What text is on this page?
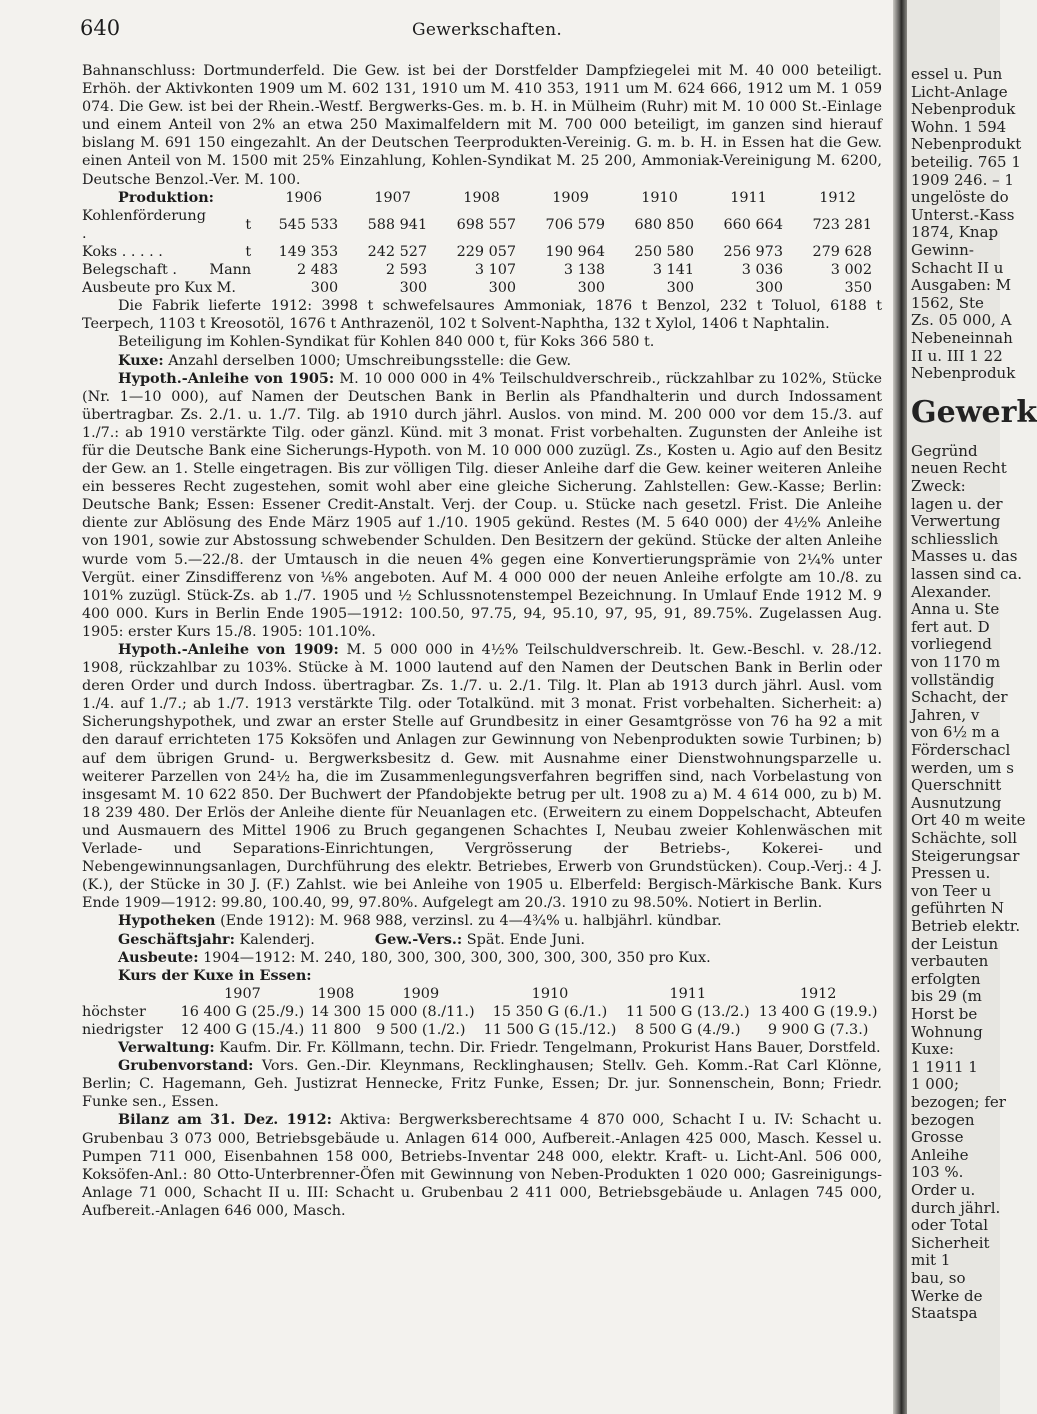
640	Gewerkschaften.

Bahnanschluss: Dortmunderfeld. Die Gew. ist bei der Dorstfelder Dampfziegelei mit M. 40 000 beteiligt. Erhöh. der Aktivkonten 1909 um M. 602 131, 1910 um M. 410 353, 1911 um M. 624 666, 1912 um M. 1 059 074. Die Gew. ist bei der Rhein.-Westf. Bergwerks-Ges. m. b. H. in Mülheim (Ruhr) mit M. 10 000 St.-Einlage und einem Anteil von 2% an etwa 250 Maximalfeldern mit M. 700 000 beteiligt, im ganzen sind hierauf bislang M. 691 150 eingezahlt. An der Deutschen Teerprodukten-Vereinig. G. m. b. H. in Essen hat die Gew. einen Anteil von M. 1500 mit 25% Einzahlung, Kohlen-Syndikat M. 25 200, Ammoniak-Vereinigung M. 6200, Deutsche Benzol.-Ver. M. 100.

Produktion:		1906	1907	1908	1909	1910	1911	1912
Kohlenförderung .	t	545 533	588 941	698 557	706 579	680 850	660 664	723 281
Koks . . . . .	t	149 353	242 527	229 057	190 964	250 580	256 973	279 628
Belegschaft .	Mann	2 483	2 593	3 107	3 138	3 141	3 036	3 002
Ausbeute pro Kux M.		300	300	300	300	300	300	350

Die Fabrik lieferte 1912: 3998 t schwefelsaures Ammoniak, 1876 t Benzol, 232 t Toluol, 6188 t Teerpech, 1103 t Kreosotöl, 1676 t Anthrazenöl, 102 t Solvent-Naphtha, 132 t Xylol, 1406 t Naphtalin.

Beteiligung im Kohlen-Syndikat für Kohlen 840 000 t, für Koks 366 580 t.

Kuxe: Anzahl derselben 1000; Umschreibungsstelle: die Gew.

Hypoth.-Anleihe von 1905: M. 10 000 000 in 4% Teilschuldverschreib., rückzahlbar zu 102%, Stücke (Nr. 1—10 000), auf Namen der Deutschen Bank in Berlin als Pfandhalterin und durch Indossament übertragbar. Zs. 2./1. u. 1./7. Tilg. ab 1910 durch jährl. Auslos. von mind. M. 200 000 vor dem 15./3. auf 1./7.: ab 1910 verstärkte Tilg. oder gänzl. Künd. mit 3 monat. Frist vorbehalten. Zugunsten der Anleihe ist für die Deutsche Bank eine Sicherungs-Hypoth. von M. 10 000 000 zuzügl. Zs., Kosten u. Agio auf den Besitz der Gew. an 1. Stelle eingetragen. Bis zur völligen Tilg. dieser Anleihe darf die Gew. keiner weiteren Anleihe ein besseres Recht zugestehen, somit wohl aber eine gleiche Sicherung. Zahlstellen: Gew.-Kasse; Berlin: Deutsche Bank; Essen: Essener Credit-Anstalt. Verj. der Coup. u. Stücke nach gesetzl. Frist. Die Anleihe diente zur Ablösung des Ende März 1905 auf 1./10. 1905 gekünd. Restes (M. 5 640 000) der 4½% Anleihe von 1901, sowie zur Abstossung schwebender Schulden. Den Besitzern der gekünd. Stücke der alten Anleihe wurde vom 5.—22./8. der Umtausch in die neuen 4% gegen eine Konvertierungsprämie von 2¼% unter Vergüt. einer Zinsdifferenz von ⅛% angeboten. Auf M. 4 000 000 der neuen Anleihe erfolgte am 10./8. zu 101% zuzügl. Stück-Zs. ab 1./7. 1905 und ½ Schlussnotenstempel Bezeichnung. In Umlauf Ende 1912 M. 9 400 000. Kurs in Berlin Ende 1905—1912: 100.50, 97.75, 94, 95.10, 97, 95, 91, 89.75%. Zugelassen Aug. 1905: erster Kurs 15./8. 1905: 101.10%.

Hypoth.-Anleihe von 1909: M. 5 000 000 in 4½% Teilschuldverschreib. lt. Gew.-Beschl. v. 28./12. 1908, rückzahlbar zu 103%. Stücke à M. 1000 lautend auf den Namen der Deutschen Bank in Berlin oder deren Order und durch Indoss. übertragbar. Zs. 1./7. u. 2./1. Tilg. lt. Plan ab 1913 durch jährl. Ausl. vom 1./4. auf 1./7.; ab 1./7. 1913 verstärkte Tilg. oder Totalkünd. mit 3 monat. Frist vorbehalten. Sicherheit: a) Sicherungshypothek, und zwar an erster Stelle auf Grundbesitz in einer Gesamtgrösse von 76 ha 92 a mit den darauf errichteten 175 Koksöfen und Anlagen zur Gewinnung von Nebenprodukten sowie Turbinen; b) auf dem übrigen Grund- u. Bergwerksbesitz d. Gew. mit Ausnahme einer Dienstwohnungsparzelle u. weiterer Parzellen von 24½ ha, die im Zusammenlegungsverfahren begriffen sind, nach Vorbelastung von insgesamt M. 10 622 850. Der Buchwert der Pfandobjekte betrug per ult. 1908 zu a) M. 4 614 000, zu b) M. 18 239 480. Der Erlös der Anleihe diente für Neuanlagen etc. (Erweitern zu einem Doppelschacht, Abteufen und Ausmauern des Mittel 1906 zu Bruch gegangenen Schachtes I, Neubau zweier Kohlenwäschen mit Verlade- und Separations-Einrichtungen, Vergrösserung der Betriebs-, Kokerei- und Nebengewinnungsanlagen, Durchführung des elektr. Betriebes, Erwerb von Grundstücken). Coup.-Verj.: 4 J. (K.), der Stücke in 30 J. (F.) Zahlst. wie bei Anleihe von 1905 u. Elberfeld: Bergisch-Märkische Bank. Kurs Ende 1909—1912: 99.80, 100.40, 99, 97.80%. Aufgelegt am 20./3. 1910 zu 98.50%. Notiert in Berlin.

Hypotheken (Ende 1912): M. 968 988, verzinsl. zu 4—4¾% u. halbjährl. kündbar.

Geschäftsjahr: Kalenderj.	Gew.-Vers.: Spät. Ende Juni.

Ausbeute: 1904—1912: M. 240, 180, 300, 300, 300, 300, 300, 300, 350 pro Kux.

Kurs der Kuxe in Essen:

	1907	1908	1909	1910	1911	1912
höchster	16 400 G (25./9.)	14 300	15 000 (8./11.)	15 350 G (6./1.)	11 500 G (13./2.)	13 400 G (19.9.)
niedrigster	12 400 G (15./4.)	11 800	9 500 (1./2.)	11 500 G (15./12.)	8 500 G (4./9.)	9 900 G (7.3.)

Verwaltung: Kaufm. Dir. Fr. Köllmann, techn. Dir. Friedr. Tengelmann, Prokurist Hans Bauer, Dorstfeld.

Grubenvorstand: Vors. Gen.-Dir. Kleynmans, Recklinghausen; Stellv. Geh. Komm.-Rat Carl Klönne, Berlin; C. Hagemann, Geh. Justizrat Hennecke, Fritz Funke, Essen; Dr. jur. Sonnenschein, Bonn; Friedr. Funke sen., Essen.

Bilanz am 31. Dez. 1912: Aktiva: Bergwerksberechtsame 4 870 000, Schacht I u. IV: Schacht u. Grubenbau 3 073 000, Betriebsgebäude u. Anlagen 614 000, Aufbereit.-Anlagen 425 000, Masch. Kessel u. Pumpen 711 000, Eisenbahnen 158 000, Betriebs-Inventar 248 000, elektr. Kraft- u. Licht-Anl. 506 000, Koksöfen-Anl.: 80 Otto-Unterbrenner-Öfen mit Gewinnung von Neben-Produkten 1 020 000; Gasreinigungs-Anlage 71 000, Schacht II u. III: Schacht u. Grubenbau 2 411 000, Betriebsgebäude u. Anlagen 745 000, Aufbereit.-Anlagen 646 000, Masch.

essel u. Pun
Licht-Anlage
Nebenproduk
Wohn. 1 594
Nebenprodukt
beteilig. 765 1
1909 246. – 1
ungelöste do
Unterst.-Kass
1874, Knap
Gewinn-
Schacht II u
Ausgaben: M
1562, Ste
Zs. 05 000, A
Nebeneinnah
II u. III 1 22
Nebenproduk
Gewerk
Gegründ
neuen Recht
Zweck:
lagen u. der
Verwertung
schliesslich
Masses u. das
lassen sind ca.
Alexander.
Anna u. Ste
fert aut. D
vorliegend
von 1170 m
vollständig
Schacht, der
Jahren, v
von 6½ m a
Förderschacl
werden, um s
Querschnitt
Ausnutzung
Ort 40 m weite
Schächte, soll
Steigerungsar
Pressen u.
von Teer u
geführten N
Betrieb elektr.
der Leistun
verbauten
erfolgten
bis 29 (m
Horst be
Wohnung
Kuxe:
1 1911 1
1 000;
bezogen; fer
bezogen
Grosse
Anleihe
103 %.
Order u.
durch jährl.
oder Total
Sicherheit
mit 1
bau, so
Werke de
Staatspa
